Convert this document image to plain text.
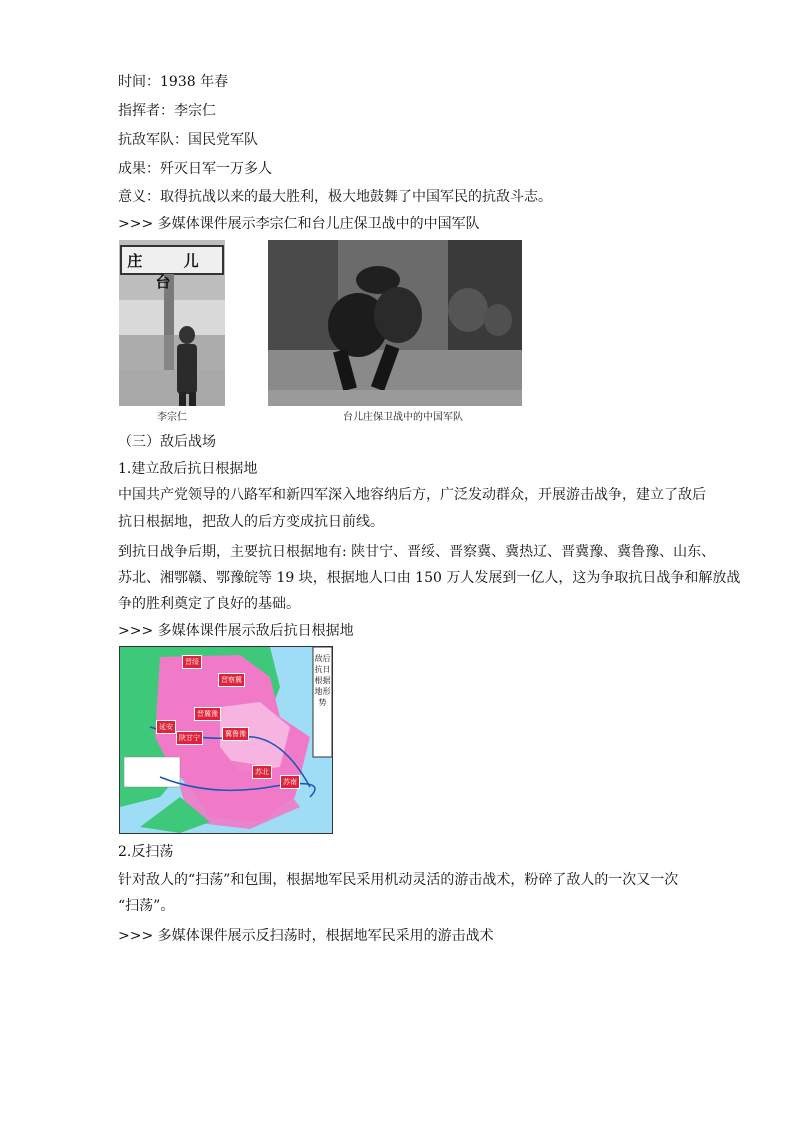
时间：1938 年春
指挥者：李宗仁
抗敌军队：国民党军队
成果：歼灭日军一万多人
意义：取得抗战以来的最大胜利，极大地鼓舞了中国军民的抗敌斗志。
>>> 多媒体课件展示李宗仁和台儿庄保卫战中的中国军队
庄 儿 台
李宗仁	台儿庄保卫战中的中国军队
（三）敌后战场
1.建立敌后抗日根据地
中国共产党领导的八路军和新四军深入地容纳后方，广泛发动群众，开展游击战争，建立了敌后
抗日根据地，把敌人的后方变成抗日前线。
到抗日战争后期，主要抗日根据地有: 陕甘宁、晋绥、晋察冀、冀热辽、晋冀豫、冀鲁豫、山东、
苏北、湘鄂赣、鄂豫皖等 19 块，根据地人口由 150 万人发展到一亿人，这为争取抗日战争和解放战
争的胜利奠定了良好的基础。
>>> 多媒体课件展示敌后抗日根据地
敌后抗日根据地形势
晋绥
晋察冀
晋冀豫
延安
陕甘宁	冀鲁豫
苏北
苏南
2.反扫荡
针对敌人的“扫荡”和包围，根据地军民采用机动灵活的游击战术，粉碎了敌人的一次又一次
“扫荡”。
>>> 多媒体课件展示反扫荡时，根据地军民采用的游击战术
